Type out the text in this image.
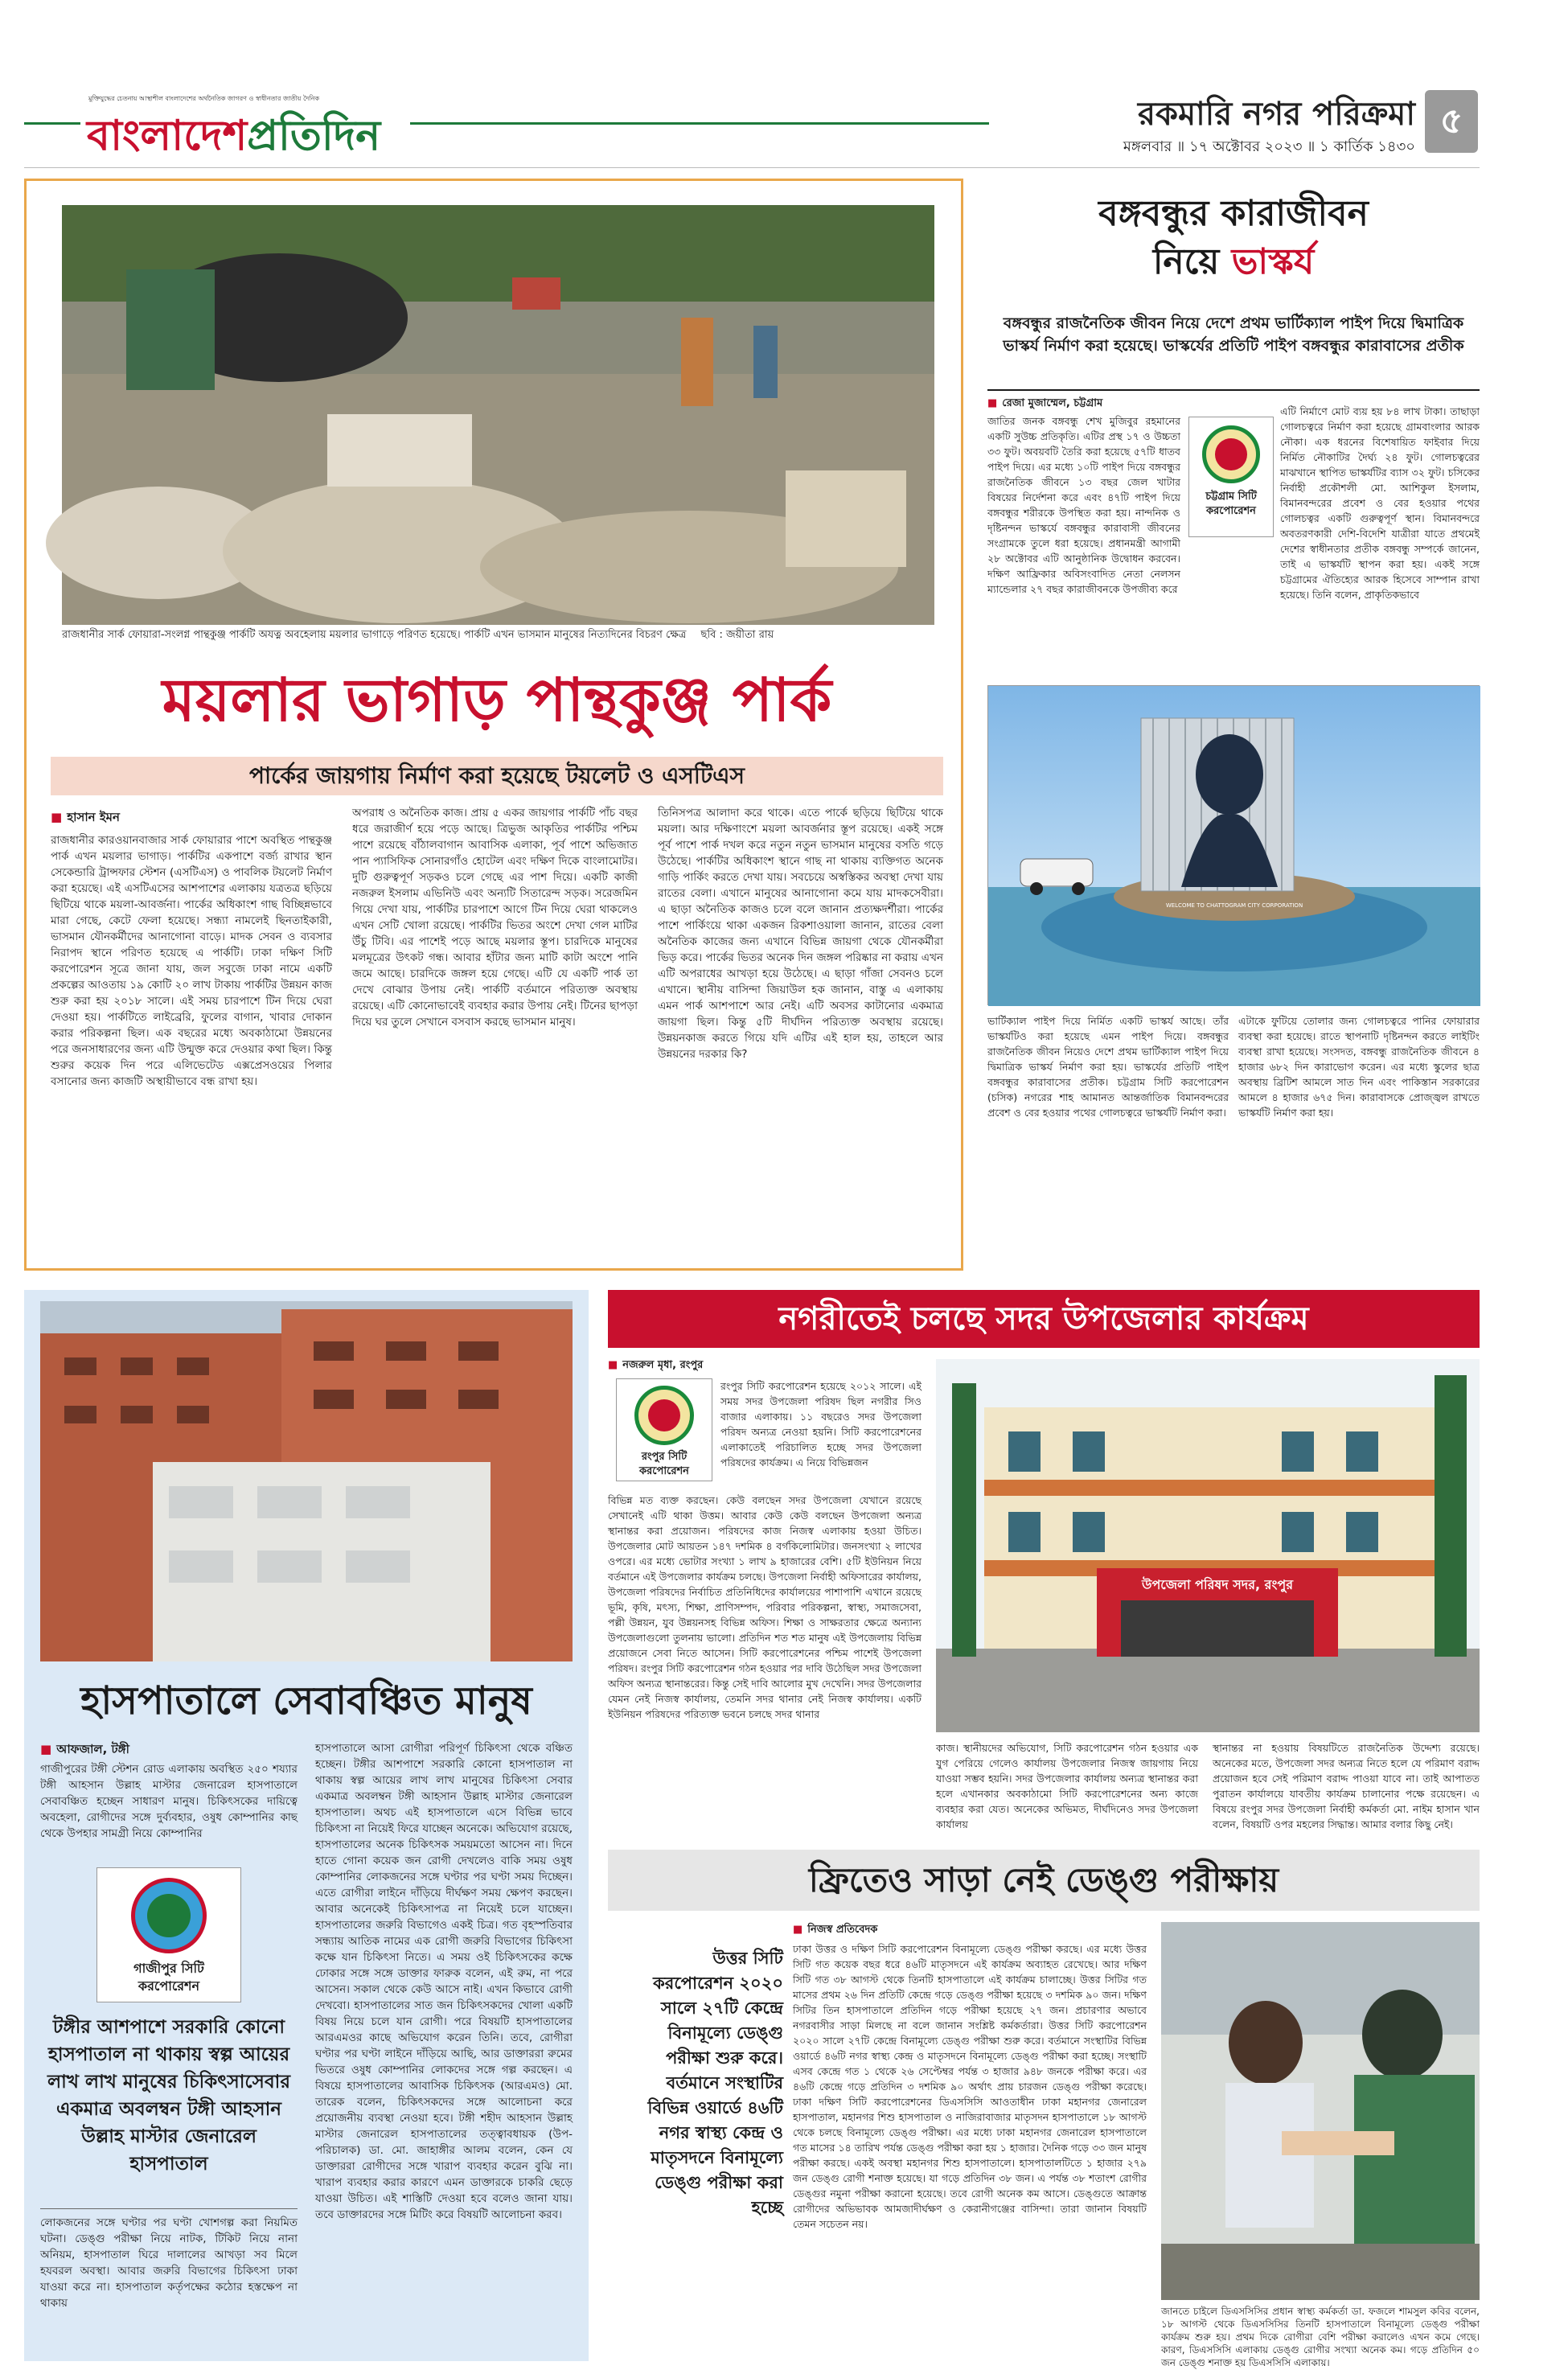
মুক্তিযুদ্ধের চেতনায় আস্থাশীল বাংলাদেশের অর্থনৈতিক জাগরণ ও স্বাধীনতার জাতীয় দৈনিক
বাংলাদেশপ্রতিদিন	রকমারি নগর পরিক্রমা
মঙ্গলবার ॥ ১৭ অক্টোবর ২০২৩ ॥ ১ কার্তিক ১৪৩০
৫
রাজধানীর সার্ক ফোয়ারা-সংলগ্ন পান্থকুঞ্জ পার্কটি অযত্ন অবহেলায় ময়লার ভাগাড়ে পরিণত হয়েছে। পার্কটি এখন ভাসমান মানুষের নিত্যদিনের বিচরণ ক্ষেত্র ছবি : জয়ীতা রায়
ময়লার ভাগাড় পান্থকুঞ্জ পার্ক
পার্কের জায়গায় নির্মাণ করা হয়েছে টয়লেট ও এসটিএস
■ হাসান ইমন
রাজধানীর কারওয়ানবাজার সার্ক ফোয়ারার পাশে অবস্থিত পান্থকুঞ্জ পার্ক এখন ময়লার ভাগাড়। পার্কটির একপাশে বর্জ্য রাখার স্থান সেকেন্ডারি ট্রান্সফার স্টেশন (এসটিএস) ও পাবলিক টয়লেট নির্মাণ করা হয়েছে। এই এসটিএসের আশপাশের এলাকায় যত্রতত্র ছড়িয়ে ছিটিয়ে থাকে ময়লা-আবর্জনা। পার্কের অধিকাংশ গাছ বিচ্ছিন্নভাবে মারা গেছে, কেটে ফেলা হয়েছে। সন্ধ্যা নামলেই ছিনতাইকারী, ভাসমান যৌনকর্মীদের আনাগোনা বাড়ে। মাদক সেবন ও ব্যবসার নিরাপদ স্থানে পরিণত হয়েছে এ পার্কটি। ঢাকা দক্ষিণ সিটি করপোরেশন সূত্রে জানা যায়, জল সবুজে ঢাকা নামে একটি প্রকল্পের আওতায় ১৯ কোটি ২০ লাখ টাকায় পার্কটির উন্নয়ন কাজ শুরু করা হয় ২০১৮ সালে। এই সময় চারপাশে টিন দিয়ে ঘেরা দেওয়া হয়। পার্কটিতে লাইব্রেরি, ফুলের বাগান, খাবার দোকান করার পরিকল্পনা ছিল। এক বছরের মধ্যে অবকাঠামো উন্নয়নের পরে জনসাধারণের জন্য এটি উন্মুক্ত করে দেওয়ার কথা ছিল। কিন্তু শুরুর কয়েক দিন পরে এলিভেটেড এক্সপ্রেসওয়ের পিলার বসানোর জন্য কাজটি অস্থায়ীভাবে বন্ধ রাখা হয়।
অপরাধ ও অনৈতিক কাজ। প্রায় ৫ একর জায়গার পার্কটি পাঁচ বছর ধরে জরাজীর্ণ হয়ে পড়ে আছে। ত্রিভুজ আকৃতির পার্কটির পশ্চিম পাশে রয়েছে বাঁঠালবাগান আবাসিক এলাকা, পূর্ব পাশে অভিজাত পান প্যাসিফিক সোনারগাঁও হোটেল এবং দক্ষিণ দিকে বাংলামোটর। দুটি গুরুত্বপূর্ণ সড়কও চলে গেছে এর পাশ দিয়ে। একটি কাজী নজরুল ইসলাম এভিনিউ এবং অন্যটি সিতারেন্দ সড়ক। সরেজমিন গিয়ে দেখা যায়, পার্কটির চারপাশে আগে টিন দিয়ে ঘেরা থাকলেও এখন সেটি খোলা রয়েছে। পার্কটির ভিতর অংশে দেখা গেল মাটির উঁচু টিবি। এর পাশেই পড়ে আছে ময়লার স্তূপ। চারদিকে মানুষের মলমূত্রের উৎকট গন্ধ। আবার হাঁটার জন্য মাটি কাটা অংশে পানি জমে আছে। চারদিকে জঙ্গল হয়ে গেছে। এটি যে একটি পার্ক তা দেখে বোঝার উপায় নেই। পার্কটি বর্তমানে পরিত্যক্ত অবস্থায় রয়েছে। এটি কোনোভাবেই ব্যবহার করার উপায় নেই। টিনের ছাপড়া দিয়ে ঘর তুলে সেখানে বসবাস করছে ভাসমান মানুষ।
তিনিসপত্র আলাদা করে থাকে। এতে পার্কে ছড়িয়ে ছিটিয়ে থাকে ময়লা। আর দক্ষিণাংশে ময়লা আবর্জনার স্তূপ রয়েছে। একই সঙ্গে পূর্ব পাশে পার্ক দখল করে নতুন নতুন ভাসমান মানুষের বসতি গড়ে উঠেছে। পার্কটির অধিকাংশ স্থানে গাছ না থাকায় ব্যক্তিগত অনেক গাড়ি পার্কিং করতে দেখা যায়। সবচেয়ে অস্বস্তিকর অবস্থা দেখা যায় রাতের বেলা। এখানে মানুষের আনাগোনা কমে যায় মাদকসেবীরা। এ ছাড়া অনৈতিক কাজও চলে বলে জানান প্রত্যক্ষদর্শীরা। পার্কের পাশে পার্কিংয়ে থাকা একজন রিকশাওয়ালা জানান, রাতের বেলা অনৈতিক কাজের জন্য এখানে বিভিন্ন জায়গা থেকে যৌনকর্মীরা ভিড় করে। পার্কের ভিতর অনেক দিন জঙ্গল পরিষ্কার না করায় এখন এটি অপরাধের আখড়া হয়ে উঠেছে। এ ছাড়া গাঁজা সেবনও চলে এখানে। স্থানীয় বাসিন্দা জিয়াউল হক জানান, বাস্তু এ এলাকায় এমন পার্ক আশপাশে আর নেই। এটি অবসর কাটানোর একমাত্র জায়গা ছিল। কিন্তু ৫টি দীর্ঘদিন পরিত্যক্ত অবস্থায় রয়েছে। উন্নয়নকাজ করতে গিয়ে যদি এটির এই হাল হয়, তাহলে আর উন্নয়নের দরকার কি?
বঙ্গবন্ধুর কারাজীবন
নিয়ে ভাস্কর্য
বঙ্গবন্ধুর রাজনৈতিক জীবন নিয়ে দেশে প্রথম ভার্টিক্যাল পাইপ দিয়ে দ্বিমাত্রিক ভাস্কর্য নির্মাণ করা হয়েছে। ভাস্কর্যের প্রতিটি পাইপ বঙ্গবন্ধুর কারাবাসের প্রতীক
■ রেজা মুজাম্মেল, চট্টগ্রাম
জাতির জনক বঙ্গবন্ধু শেখ মুজিবুর রহমানের একটি সুউচ্চ প্রতিকৃতি। এটির প্রস্থ ১৭ ও উচ্চতা ৩৩ ফুট। অবয়বটি তৈরি করা হয়েছে ৫৭টি ধাতব পাইপ দিয়ে। এর মধ্যে ১০টি পাইপ দিয়ে বঙ্গবন্ধুর রাজনৈতিক জীবনে ১৩ বছর জেল খাটার বিষয়ের নির্দেশনা করে এবং ৪৭টি পাইপ দিয়ে বঙ্গবন্ধুর শরীরকে উপস্থিত করা হয়। নান্দনিক ও দৃষ্টিনন্দন ভাস্কর্যে বঙ্গবন্ধুর কারাবাসী জীবনের সংগ্রামকে তুলে ধরা হয়েছে। প্রধানমন্ত্রী আগামী ২৮ অক্টোবর এটি আনুষ্ঠানিক উদ্বোধন করবেন। দক্ষিণ আফ্রিকার অবিসংবাদিত নেতা নেলসন ম্যান্ডেলার ২৭ বছর কারাজীবনকে উপজীব্য করে
চট্টগ্রাম সিটি করপোরেশন
এটি নির্মাণে মোট ব্যয় হয় ৮৪ লাখ টাকা। তাছাড়া গোলচত্বরে নির্মাণ করা হয়েছে গ্রামবাংলার আরক নৌকা। এক ধরনের বিশেষায়িত ফাইবার দিয়ে নির্মিত নৌকাটির দৈর্ঘ্য ২৪ ফুট। গোলচত্বরের মাঝখানে স্থাপিত ভাস্কর্যটির ব্যাস ৩২ ফুট। চসিকের নির্বাহী প্রকৌশলী মো. আশিকুল ইসলাম, বিমানবন্দরের প্রবেশ ও বের হওয়ার পথের গোলচত্বর একটি গুরুত্বপূর্ণ স্থান। বিমানবন্দরে অবতরণকারী দেশি-বিদেশি যাত্রীরা যাতে প্রথমেই দেশের স্বাধীনতার প্রতীক বঙ্গবন্ধু সম্পর্কে জানেন, তাই এ ভাস্কর্যটি স্থাপন করা হয়। একই সঙ্গে চট্টগ্রামের ঐতিহ্যের আরক হিসেবে সাম্পান রাখা হয়েছে। তিনি বলেন, প্রাকৃতিকভাবে
WELCOME TO CHATTOGRAM CITY CORPORATION
ভার্টিক্যাল পাইপ দিয়ে নির্মিত একটি ভাস্কর্য আছে। তাঁর ভাস্কর্যটিও করা হয়েছে এমন পাইপ দিয়ে। বঙ্গবন্ধুর রাজনৈতিক জীবন নিয়েও দেশে প্রথম ভার্টিক্যাল পাইপ দিয়ে দ্বিমাত্রিক ভাস্কর্য নির্মাণ করা হয়। ভাস্কর্যের প্রতিটি পাইপ বঙ্গবন্ধুর কারাবাসের প্রতীক। চট্টগ্রাম সিটি করপোরেশন (চসিক) নগরের শাহ আমানত আন্তর্জাতিক বিমানবন্দরের প্রবেশ ও বের হওয়ার পথের গোলচত্বরে ভাস্কর্যটি নির্মাণ করা।
এটাকে ফুটিয়ে তোলার জন্য গোলচত্বরে পানির ফোয়ারার ব্যবস্থা করা হয়েছে। রাতে স্থাপনাটি দৃষ্টিনন্দন করতে লাইটিং ব্যবস্থা রাখা হয়েছে। সংসদত, বঙ্গবন্ধু রাজনৈতিক জীবনে ৪ হাজার ৬৮২ দিন কারাভোগ করেন। এর মধ্যে স্কুলের ছাত্র অবস্থায় ব্রিটিশ আমলে সাত দিন এবং পাকিস্তান সরকারের আমলে ৪ হাজার ৬৭৫ দিন। কারাবাসকে প্রোজ্জ্বল রাখতে ভাস্কর্যটি নির্মাণ করা হয়।
হাসপাতালে সেবাবঞ্চিত মানুষ
■ আফজাল, টঙ্গী
গাজীপুরের টঙ্গী স্টেশন রোড এলাকায় অবস্থিত ২৫০ শয্যার টঙ্গী আহসান উল্লাহ মাস্টার জেনারেল হাসপাতালে সেবাবঞ্চিত হচ্ছেন সাধারণ মানুষ। চিকিৎসকের দায়িত্বে অবহেলা, রোগীদের সঙ্গে দুর্ব্যবহার, ওষুধ কোম্পানির কাছ থেকে উপহার সামগ্রী নিয়ে কোম্পানির
গাজীপুর সিটি করপোরেশন
টঙ্গীর আশপাশে সরকারি কোনো হাসপাতাল না থাকায় স্বল্প আয়ের লাখ লাখ মানুষের চিকিৎসাসেবার একমাত্র অবলম্বন টঙ্গী আহসান উল্লাহ মাস্টার জেনারেল হাসপাতাল
লোকজনের সঙ্গে ঘণ্টার পর ঘণ্টা খোশগল্প করা নিয়মিত ঘটনা। ডেঙ্গু পরীক্ষা নিয়ে নাটক, টিকিট নিয়ে নানা অনিয়ম, হাসপাতাল ঘিরে দালালের আখড়া সব মিলে হযবরল অবস্থা। আবার জরুরি বিভাগের চিকিৎসা ঢাকা যাওয়া করে না। হাসপাতাল কর্তৃপক্ষের কঠোর হস্তক্ষেপ না থাকায়
হাসপাতালে আসা রোগীরা পরিপূর্ণ চিকিৎসা থেকে বঞ্চিত হচ্ছেন। টঙ্গীর আশপাশে সরকারি কোনো হাসপাতাল না থাকায় স্বল্প আয়ের লাখ লাখ মানুষের চিকিৎসা সেবার একমাত্র অবলম্বন টঙ্গী আহসান উল্লাহ মাস্টার জেনারেল হাসপাতাল। অথচ এই হাসপাতালে এসে বিভিন্ন ভাবে চিকিৎসা না নিয়েই ফিরে যাচ্ছেন অনেকে। অভিযোগ রয়েছে, হাসপাতালের অনেক চিকিৎসক সময়মতো আসেন না। দিনে হাতে গোনা কয়েক জন রোগী দেখলেও বাকি সময় ওষুধ কোম্পানির লোকজনের সঙ্গে ঘণ্টার পর ঘণ্টা সময় দিচ্ছেন। এতে রোগীরা লাইনে দাঁড়িয়ে দীর্ঘক্ষণ সময় ক্ষেপণ করছেন। আবার অনেকেই চিকিৎসাপত্র না নিয়েই চলে যাচ্ছেন। হাসপাতালের জরুরি বিভাগেও একই চিত্র। গত বৃহস্পতিবার সন্ধ্যায় আতিক নামের এক রোগী জরুরি বিভাগের চিকিৎসা কক্ষে যান চিকিৎসা নিতে। এ সময় ওই চিকিৎসকের কক্ষে ঢোকার সঙ্গে সঙ্গে ডাক্তার ফারুক বলেন, এই রুম, না পরে আসেন। সকাল থেকে কেউ আসে নাই। এখন কিভাবে রোগী দেখবো। হাসপাতালের সাত জন চিকিৎসকদের খোলা একটি বিষয় নিয়ে চলে যান রোগী। পরে বিষয়টি হাসপাতালের আরএমওর কাছে অভিযোগ করেন তিনি। তবে, রোগীরা ঘণ্টার পর ঘণ্টা লাইনে দাঁড়িয়ে আছি, আর ডাক্তাররা রুমের ভিতরে ওষুধ কোম্পানির লোকদের সঙ্গে গল্প করছেন। এ বিষয়ে হাসপাতালের আবাসিক চিকিৎসক (আরএমও) মো. তারেক বলেন, চিকিৎসকদের সঙ্গে আলোচনা করে প্রয়োজনীয় ব্যবস্থা নেওয়া হবে। টঙ্গী শহীদ আহসান উল্লাহ মাস্টার জেনারেল হাসপাতালের তত্ত্বাবধায়ক (উপ-পরিচালক) ডা. মো. জাহাঙ্গীর আলম বলেন, কেন যে ডাক্তাররা রোগীদের সঙ্গে খারাপ ব্যবহার করেন বুঝি না। খারাপ ব্যবহার করার কারণে এমন ডাক্তারকে চাকরি ছেড়ে যাওয়া উচিত। এই শাস্তিটি দেওয়া হবে বলেও জানা যায়। তবে ডাক্তারদের সঙ্গে মিটিং করে বিষয়টি আলোচনা করব।
নগরীতেই চলছে সদর উপজেলার কার্যক্রম
■ নজরুল মৃধা, রংপুর
রংপুর সিটি করপোরেশন
রংপুর সিটি করপোরেশন হয়েছে ২০১২ সালে। এই সময় সদর উপজেলা পরিষদ ছিল নগরীর সিও বাজার এলাকায়। ১১ বছরেও সদর উপজেলা পরিষদ অন্যত্র নেওয়া হয়নি। সিটি করপোরেশনের এলাকাতেই পরিচালিত হচ্ছে সদর উপজেলা পরিষদের কার্যক্রম। এ নিয়ে বিভিন্নজন
বিভিন্ন মত ব্যক্ত করছেন। কেউ বলছেন সদর উপজেলা যেখানে রয়েছে সেখানেই এটি থাকা উত্তম। আবার কেউ কেউ বলছেন উপজেলা অন্যত্র স্থানান্তর করা প্রয়োজন। পরিষদের কাজ নিজস্ব এলাকায় হওয়া উচিত। উপজেলার মোট আয়তন ১৪৭ দশমিক ৪ বর্গকিলোমিটার। জনসংখ্যা ২ লাখের ওপরে। এর মধ্যে ভোটার সংখ্যা ১ লাখ ৯ হাজারের বেশি। ৫টি ইউনিয়ন নিয়ে বর্তমানে এই উপজেলার কার্যক্রম চলছে। উপজেলা নির্বাহী অফিসারের কার্যালয়, উপজেলা পরিষদের নির্বাচিত প্রতিনিধিদের কার্যালয়ের পাশাপাশি এখানে রয়েছে ভূমি, কৃষি, মৎস্য, শিক্ষা, প্রাণিসম্পদ, পরিবার পরিকল্পনা, স্বাস্থ্য, সমাজসেবা, পল্লী উন্নয়ন, যুব উন্নয়নসহ বিভিন্ন অফিস। শিক্ষা ও সাক্ষরতার ক্ষেত্রে অন্যান্য উপজেলাগুলো তুলনায় ভালো। প্রতিদিন শত শত মানুষ এই উপজেলায় বিভিন্ন প্রয়োজনে সেবা নিতে আসেন। সিটি করপোরেশনের পশ্চিম পাশেই উপজেলা পরিষদ। রংপুর সিটি করপোরেশন গঠন হওয়ার পর দাবি উঠেছিল সদর উপজেলা অফিস অন্যত্র স্থানান্তরের। কিন্তু সেই দাবি আলোর মুখ দেখেনি। সদর উপজেলার যেমন নেই নিজস্ব কার্যালয়, তেমনি সদর থানার নেই নিজস্ব কার্যালয়। একটি ইউনিয়ন পরিষদের পরিত্যক্ত ভবনে চলছে সদর থানার
উপজেলা পরিষদ সদর, রংপুর
কাজ। স্থানীয়দের অভিযোগ, সিটি করপোরেশন গঠন হওয়ার এক যুগ পেরিয়ে গেলেও কার্যালয় উপজেলার নিজস্ব জায়গায় নিয়ে যাওয়া সম্ভব হয়নি। সদর উপজেলার কার্যালয় অন্যত্র স্থানান্তর করা হলে এখানকার অবকাঠামো সিটি করপোরেশনের অন্য কাজে ব্যবহার করা যেত। অনেকের অভিমত, দীর্ঘদিনেও সদর উপজেলা কার্যালয়
স্থানান্তর না হওয়ায় বিষয়টিতে রাজনৈতিক উদ্দেশ্য রয়েছে। অনেকের মতে, উপজেলা সদর অন্যত্র নিতে হলে যে পরিমাণ বরাদ্দ প্রয়োজন হবে সেই পরিমাণ বরাদ্দ পাওয়া যাবে না। তাই আপাতত পুরাতন কার্যালয়ে যাবতীয় কার্যক্রম চালানোর পক্ষে রয়েছেন। এ বিষয়ে রংপুর সদর উপজেলা নির্বাহী কর্মকর্তা মো. নাইম হাসান খান বলেন, বিষয়টি ওপর মহলের সিদ্ধান্ত। আমার বলার কিছু নেই।
ফ্রিতেও সাড়া নেই ডেঙ্গু পরীক্ষায়
■ নিজস্ব প্রতিবেদক
উত্তর সিটি করপোরেশন ২০২০ সালে ২৭টি কেন্দ্রে বিনামূল্যে ডেঙ্গু পরীক্ষা শুরু করে। বর্তমানে সংস্থাটির বিভিন্ন ওয়ার্ডে ৪৬টি নগর স্বাস্থ্য কেন্দ্র ও মাতৃসদনে বিনামূল্যে ডেঙ্গু পরীক্ষা করা হচ্ছে
ঢাকা উত্তর ও দক্ষিণ সিটি করপোরেশন বিনামূল্যে ডেঙ্গু পরীক্ষা করছে। এর মধ্যে উত্তর সিটি গত কয়েক বছর ধরে ৪৬টি মাতৃসদনে এই কার্যক্রম অব্যাহত রেখেছে। আর দক্ষিণ সিটি গত ৩৮ আগস্ট থেকে তিনটি হাসপাতালে এই কার্যক্রম চালাচ্ছে। উত্তর সিটির গত মাসের প্রথম ২৬ দিন প্রতিটি কেন্দ্রে গড়ে ডেঙ্গু পরীক্ষা হয়েছে ৩ দশমিক ৯০ জন। দক্ষিণ সিটির তিন হাসপাতালে প্রতিদিন গড়ে পরীক্ষা হয়েছে ২৭ জন। প্রচারণার অভাবে নগরবাসীর সাড়া মিলছে না বলে জানান সংশ্লিষ্ট কর্মকর্তারা। উত্তর সিটি করপোরেশন ২০২০ সালে ২৭টি কেন্দ্রে বিনামূল্যে ডেঙ্গু পরীক্ষা শুরু করে। বর্তমানে সংস্থাটির বিভিন্ন ওয়ার্ডে ৪৬টি নগর স্বাস্থ্য কেন্দ্র ও মাতৃসদনে বিনামূল্যে ডেঙ্গু পরীক্ষা করা হচ্ছে। সংস্থাটি এসব কেন্দ্রে গত ১ থেকে ২৬ সেপ্টেম্বর পর্যন্ত ৩ হাজার ৯৪৮ জনকে পরীক্ষা করে। এর ৪৬টি কেন্দ্রে গড়ে প্রতিদিন ৩ দশমিক ৯০ অর্থাৎ প্রায় চারজন ডেঙ্গু পরীক্ষা করেছে। ঢাকা দক্ষিণ সিটি করপোরেশনের ডিএসসিসি আওতাধীন ঢাকা মহানগর জেনারেল হাসপাতাল, মহানগর শিশু হাসপাতাল ও নাজিরাবাজার মাতৃসদন হাসপাতালে ১৮ আগস্ট থেকে চলছে বিনামূল্যে ডেঙ্গু পরীক্ষা। এর মধ্যে ঢাকা মহানগর জেনারেল হাসপাতালে গত মাসের ১৪ তারিখ পর্যন্ত ডেঙ্গু পরীক্ষা করা হয় ১ হাজার। দৈনিক গড়ে ৩৩ জন মানুষ পরীক্ষা করছে। একই অবস্থা মহানগর শিশু হাসপাতালে। হাসপাতালটিতে ১ হাজার ২৭৯ জন ডেঙ্গু রোগী শনাক্ত হয়েছে। যা গড়ে প্রতিদিন ৩৮ জন। এ পর্যন্ত ৩৮ শতাংশ রোগীর ডেঙ্গুর নমুনা পরীক্ষা করানো হয়েছে। তবে রোগী অনেক কম আসে। ডেঙ্গুতে আক্রান্ত রোগীদের অভিভাবক আমজাদীর্ঘক্ষণ ও কেরানীগঞ্জের বাসিন্দা। তারা জানান বিষয়টি তেমন সচেতন নয়।
জানতে চাইলে ডিএসসিসির প্রধান স্বাস্থ্য কর্মকর্তা ডা. ফজলে শামসুল কবির বলেন, ১৮ আগস্ট থেকে ডিএসসিসির তিনটি হাসপাতালে বিনামূল্যে ডেঙ্গু পরীক্ষা কার্যক্রম শুরু হয়। প্রথম দিকে রোগীরা বেশি পরীক্ষা করালেও এখন কমে গেছে। কারণ, ডিএসসিসি এলাকায় ডেঙ্গু রোগীর সংখ্যা অনেক কম। গড়ে প্রতিদিন ৫০ জন ডেঙ্গু শনাক্ত হয় ডিএসসিসি এলাকায়।
